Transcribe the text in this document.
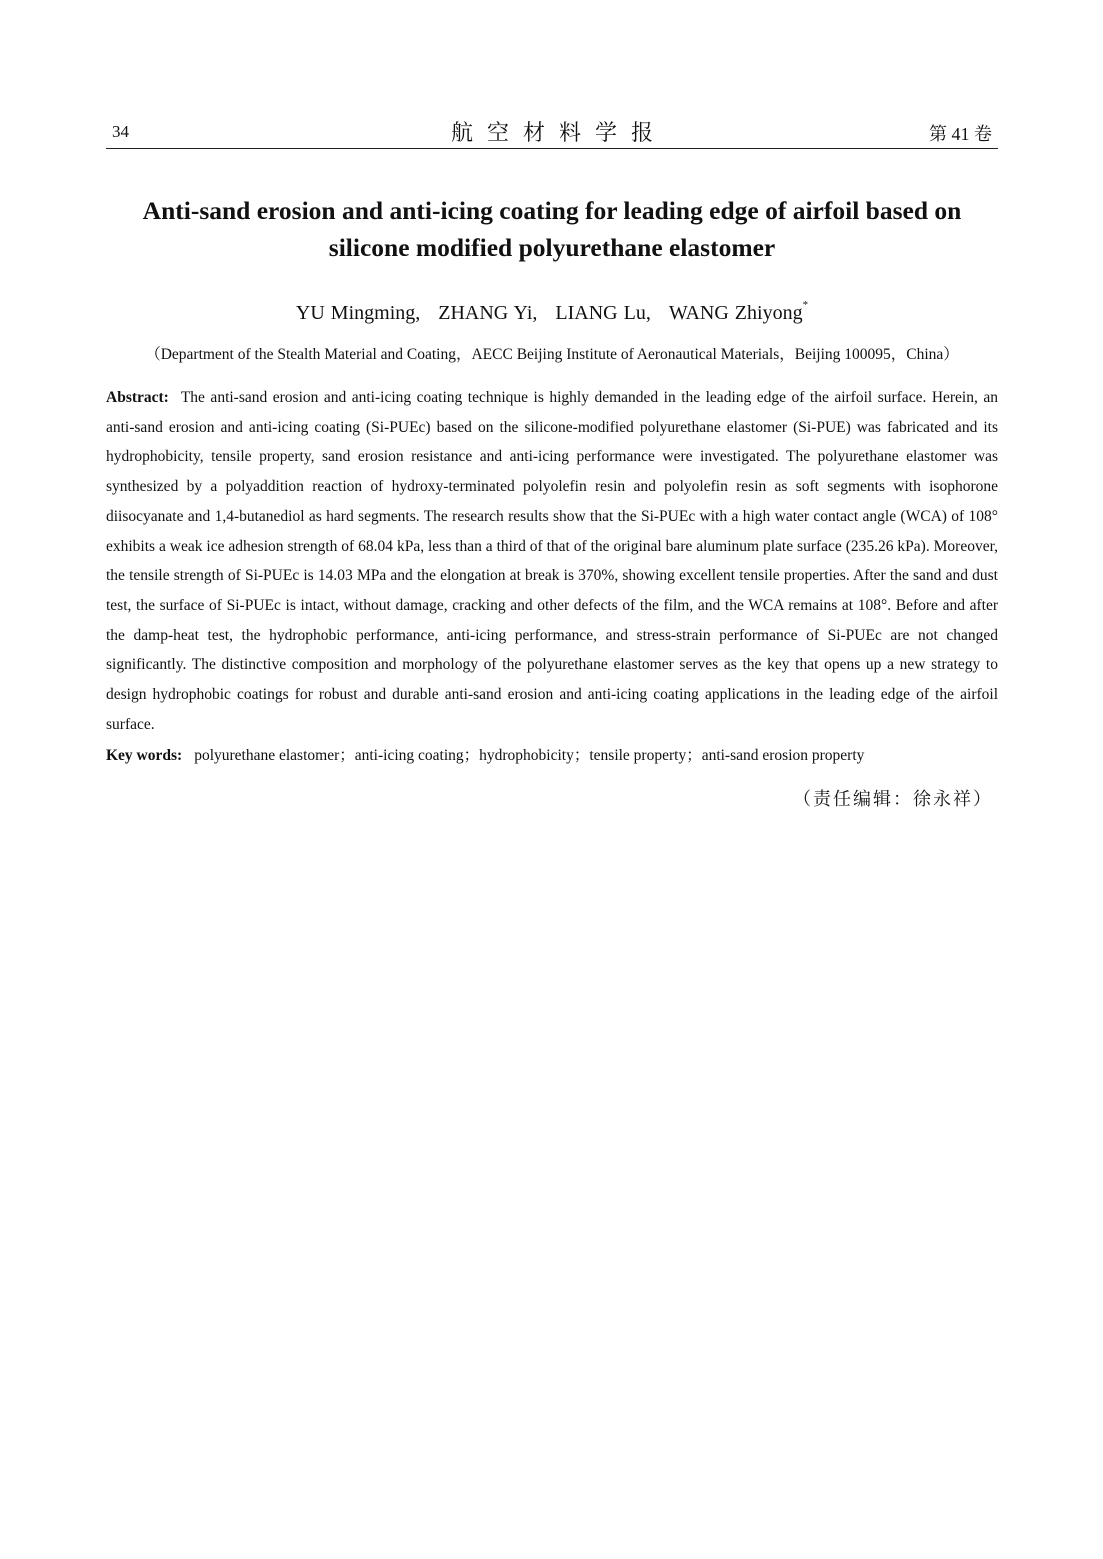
34	航空材料学报	第 41 卷
Anti-sand erosion and anti-icing coating for leading edge of airfoil based on
silicone modified polyurethane elastomer
YU Mingming,   ZHANG Yi,   LIANG Lu,   WANG Zhiyong*
（Department of the Stealth Material and Coating，AECC Beijing Institute of Aeronautical Materials，Beijing 100095，China）
Abstract: The anti-sand erosion and anti-icing coating technique is highly demanded in the leading edge of the airfoil surface. Herein, an anti-sand erosion and anti-icing coating (Si-PUEc) based on the silicone-modified polyurethane elastomer (Si-PUE) was fabricated and its hydrophobicity, tensile property, sand erosion resistance and anti-icing performance were investigated. The polyurethane elastomer was synthesized by a polyaddition reaction of hydroxy-terminated polyolefin resin and polyolefin resin as soft segments with isophorone diisocyanate and 1,4-butanediol as hard segments. The research results show that the Si-PUEc with a high water contact angle (WCA) of 108° exhibits a weak ice adhesion strength of 68.04 kPa, less than a third of that of the original bare aluminum plate surface (235.26 kPa). Moreover, the tensile strength of Si-PUEc is 14.03 MPa and the elongation at break is 370%, showing excellent tensile properties. After the sand and dust test, the surface of Si-PUEc is intact, without damage, cracking and other defects of the film, and the WCA remains at 108°. Before and after the damp-heat test, the hydrophobic performance, anti-icing performance, and stress-strain performance of Si-PUEc are not changed significantly. The distinctive composition and morphology of the polyurethane elastomer serves as the key that opens up a new strategy to design hydrophobic coatings for robust and durable anti-sand erosion and anti-icing coating applications in the leading edge of the airfoil surface.
Key words: polyurethane elastomer；anti-icing coating；hydrophobicity；tensile property；anti-sand erosion property
（责任编辑：徐永祥）
